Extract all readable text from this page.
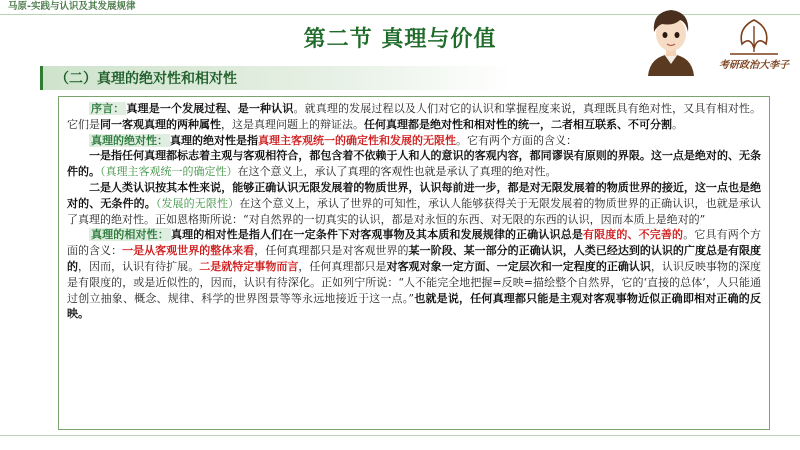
马原-实践与认识及其发展规律
第二节 真理与价值
（二）真理的绝对性和相对性
考研政治大李子

序言： 真理是一个发展过程、是一种认识。就真理的发展过程以及人们对它的认识和掌握程度来说，真理既具有绝对性，又具有相对性。它们是同一客观真理的两种属性，这是真理问题上的辩证法。任何真理都是绝对性和相对性的统一，二者相互联系、不可分割。

真理的绝对性： 真理的绝对性是指真理主客观统一的确定性和发展的无限性。它有两个方面的含义：

一是指任何真理都标志着主观与客观相符合，都包含着不依赖于人和人的意识的客观内容，都同谬误有原则的界限。这一点是绝对的、无条件的。（真理主客观统一的确定性）在这个意义上，承认了真理的客观性也就是承认了真理的绝对性。

二是人类认识按其本性来说，能够正确认识无限发展着的物质世界，认识每前进一步，都是对无限发展着的物质世界的接近，这一点也是绝对的、无条件的。（发展的无限性）在这个意义上，承认了世界的可知性，承认人能够获得关于无限发展着的物质世界的正确认识，也就是承认了真理的绝对性。正如恩格斯所说：“对自然界的一切真实的认识，都是对永恒的东西、对无限的东西的认识，因而本质上是绝对的”

真理的相对性： 真理的相对性是指人们在一定条件下对客观事物及其本质和发展规律的正确认识总是有限度的、不完善的。它具有两个方面的含义：一是从客观世界的整体来看，任何真理都只是对客观世界的某一阶段、某一部分的正确认识，人类已经达到的认识的广度总是有限度的，因而，认识有待扩展。二是就特定事物而言，任何真理都只是对客观对象一定方面、一定层次和一定程度的正确认识，认识反映事物的深度是有限度的，或是近似性的，因而，认识有待深化。正如列宁所说：“人不能完全地把握=反映=描绘整个自然界，它的‘直接的总体’，人只能通过创立抽象、概念、规律、科学的世界图景等等永远地接近于这一点。”也就是说，任何真理都只能是主观对客观事物近似正确即相对正确的反映。
